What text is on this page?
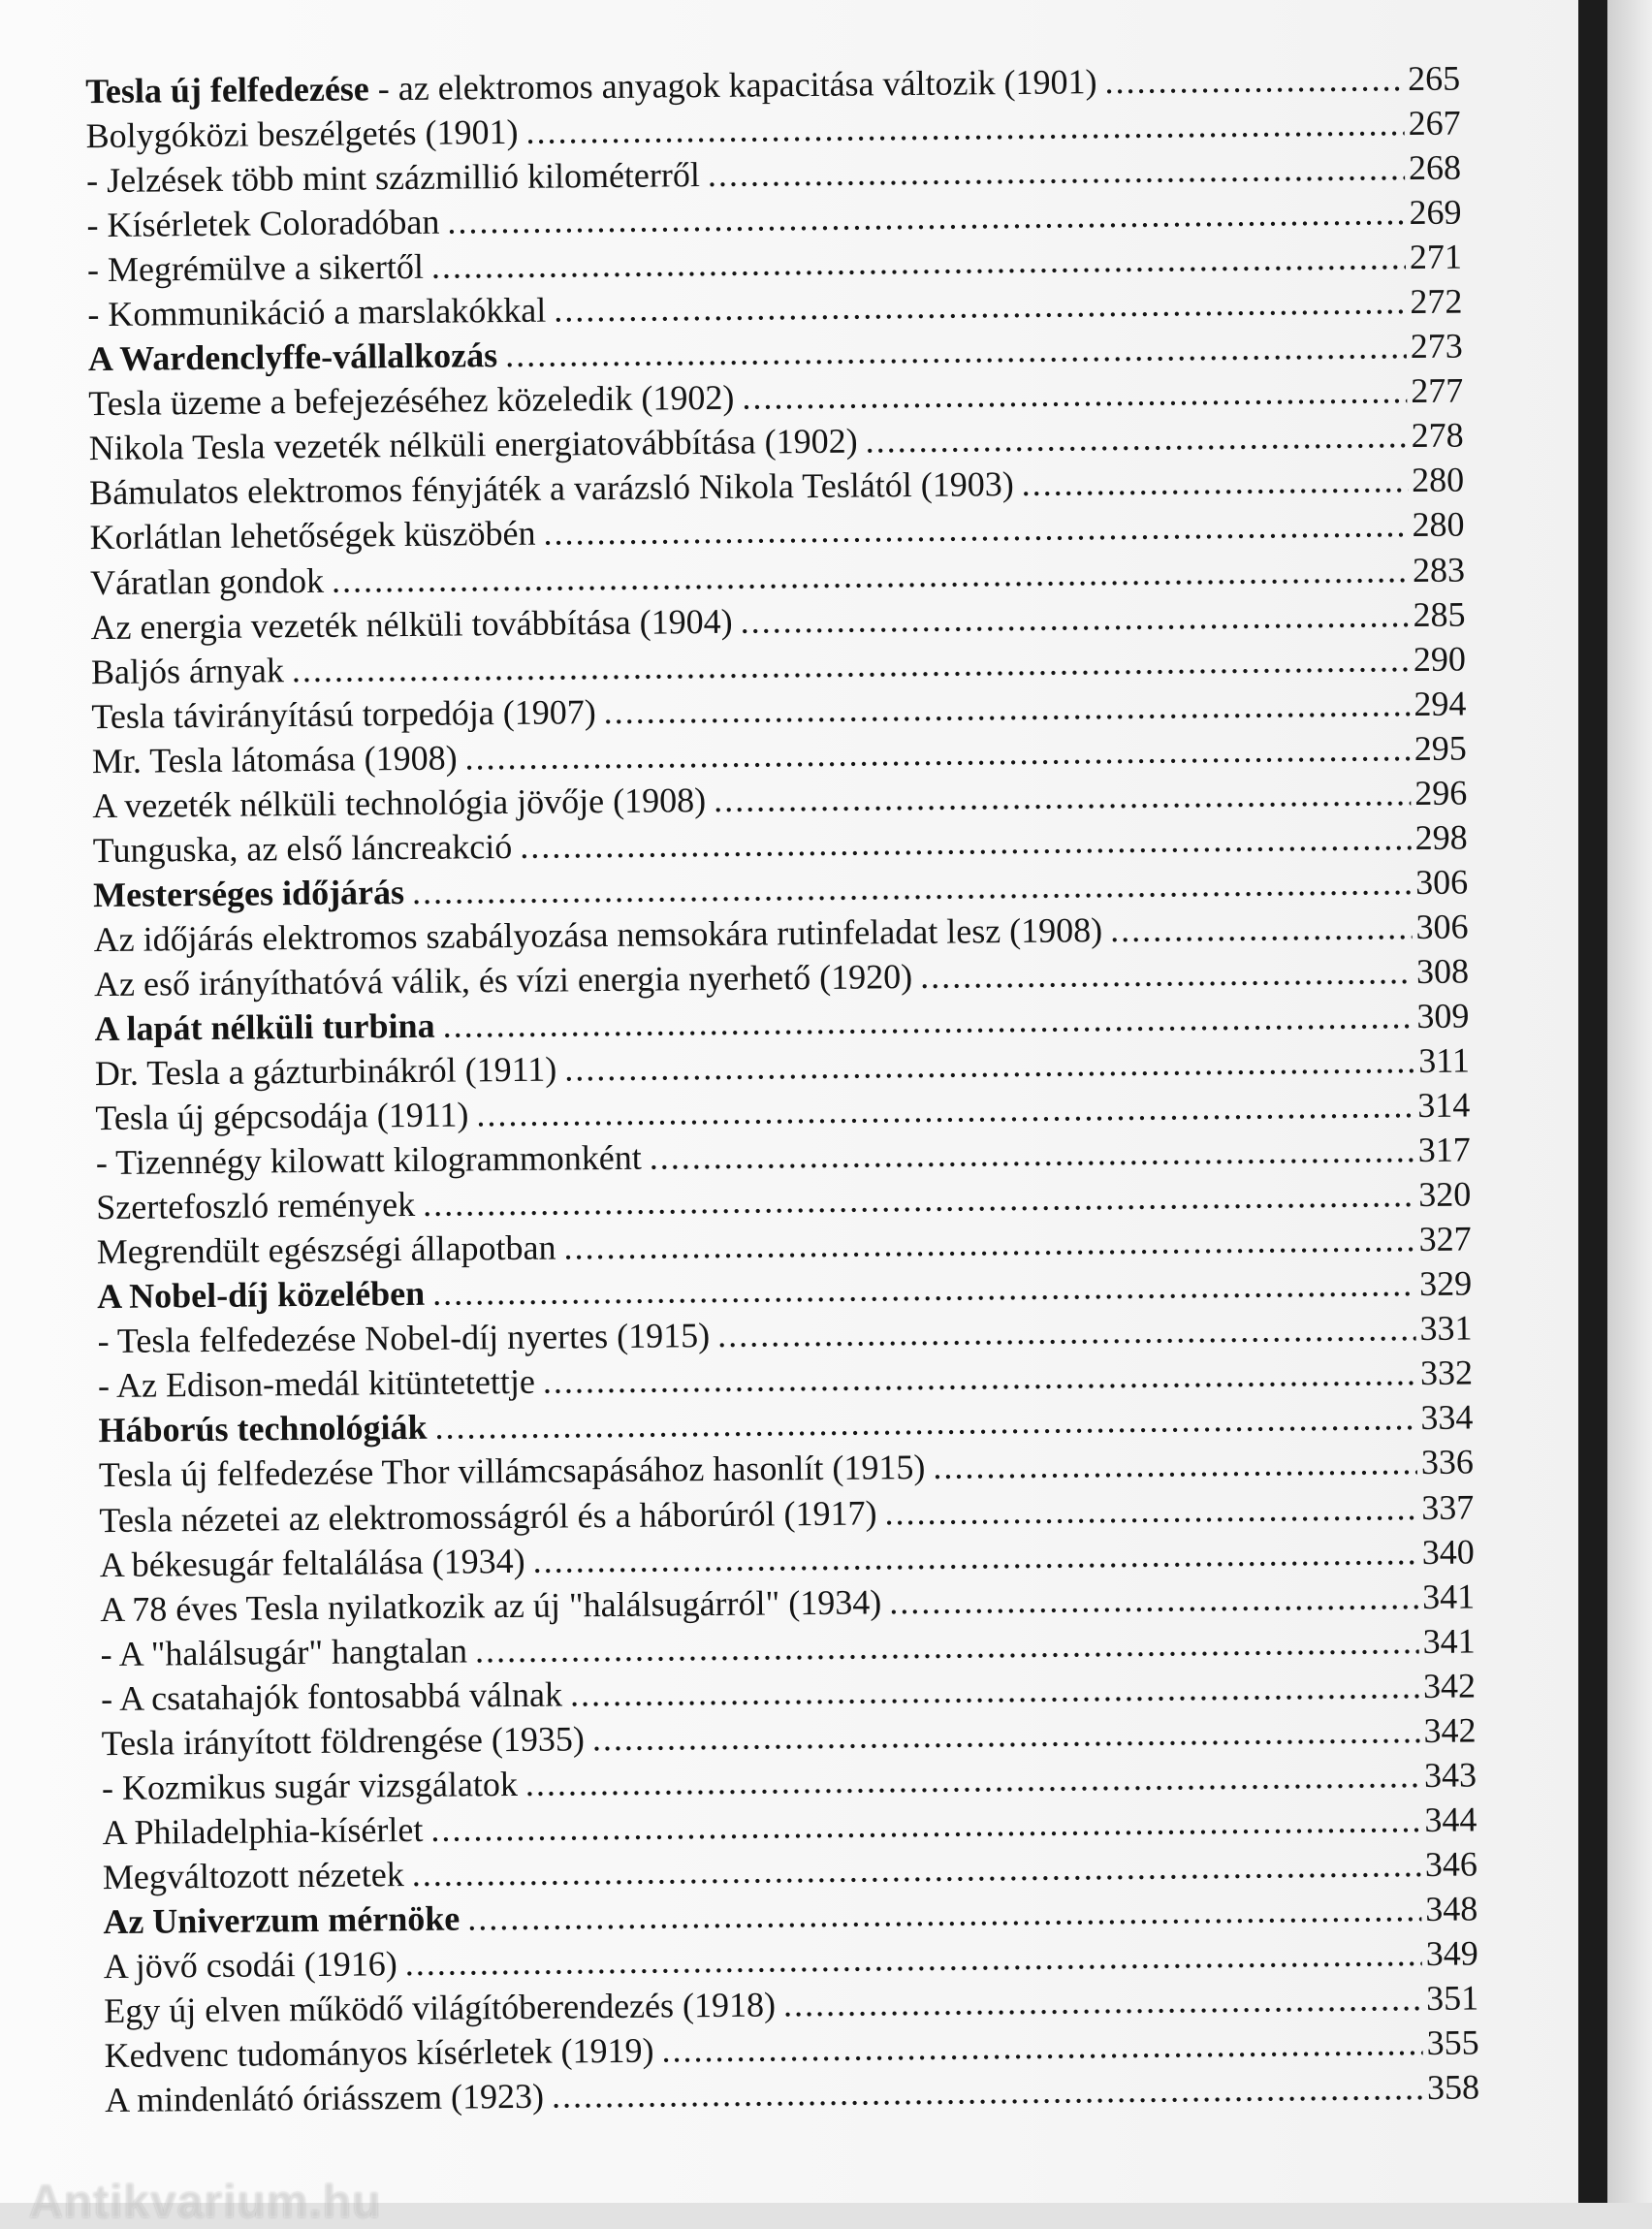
Tesla új felfedezése - az elektromos anyagok kapacitása változik (1901) .....	265
Bolygóközi beszélgetés (1901) .....	267
- Jelzések több mint százmillió kilométerről .....	268
- Kísérletek Coloradóban .....	269
- Megrémülve a sikertől .....	271
- Kommunikáció a marslakókkal .....	272
A Wardenclyffe-vállalkozás .....	273
Tesla üzeme a befejezéséhez közeledik (1902) .....	277
Nikola Tesla vezeték nélküli energiatovábbítása (1902) .....	278
Bámulatos elektromos fényjáték a varázsló Nikola Teslától (1903) .....	280
Korlátlan lehetőségek küszöbén .....	280
Váratlan gondok .....	283
Az energia vezeték nélküli továbbítása (1904) .....	285
Baljós árnyak .....	290
Tesla távirányítású torpedója (1907) .....	294
Mr. Tesla látomása (1908) .....	295
A vezeték nélküli technológia jövője (1908) .....	296
Tunguska, az első láncreakció .....	298
Mesterséges időjárás .....	306
Az időjárás elektromos szabályozása nemsokára rutinfeladat lesz (1908) .....	306
Az eső irányíthatóvá válik, és vízi energia nyerhető (1920) .....	308
A lapát nélküli turbina .....	309
Dr. Tesla a gázturbinákról (1911) .....	311
Tesla új gépcsodája (1911) .....	314
- Tizennégy kilowatt kilogrammonként .....	317
Szertefoszló remények .....	320
Megrendült egészségi állapotban .....	327
A Nobel-díj közelében .....	329
- Tesla felfedezése Nobel-díj nyertes (1915) .....	331
- Az Edison-medál kitüntetettje .....	332
Háborús technológiák .....	334
Tesla új felfedezése Thor villámcsapásához hasonlít (1915) .....	336
Tesla nézetei az elektromosságról és a háborúról (1917) .....	337
A békesugár feltalálása (1934) .....	340
A 78 éves Tesla nyilatkozik az új "halálsugárról" (1934) .....	341
- A "halálsugár" hangtalan .....	341
- A csatahajók fontosabbá válnak .....	342
Tesla irányított földrengése (1935) .....	342
- Kozmikus sugár vizsgálatok .....	343
A Philadelphia-kísérlet .....	344
Megváltozott nézetek .....	346
Az Univerzum mérnöke .....	348
A jövő csodái (1916) .....	349
Egy új elven működő világítóberendezés (1918) .....	351
Kedvenc tudományos kísérletek (1919) .....	355
A mindenlátó óriásszem (1923) .....	358
Antikvarium.hu
